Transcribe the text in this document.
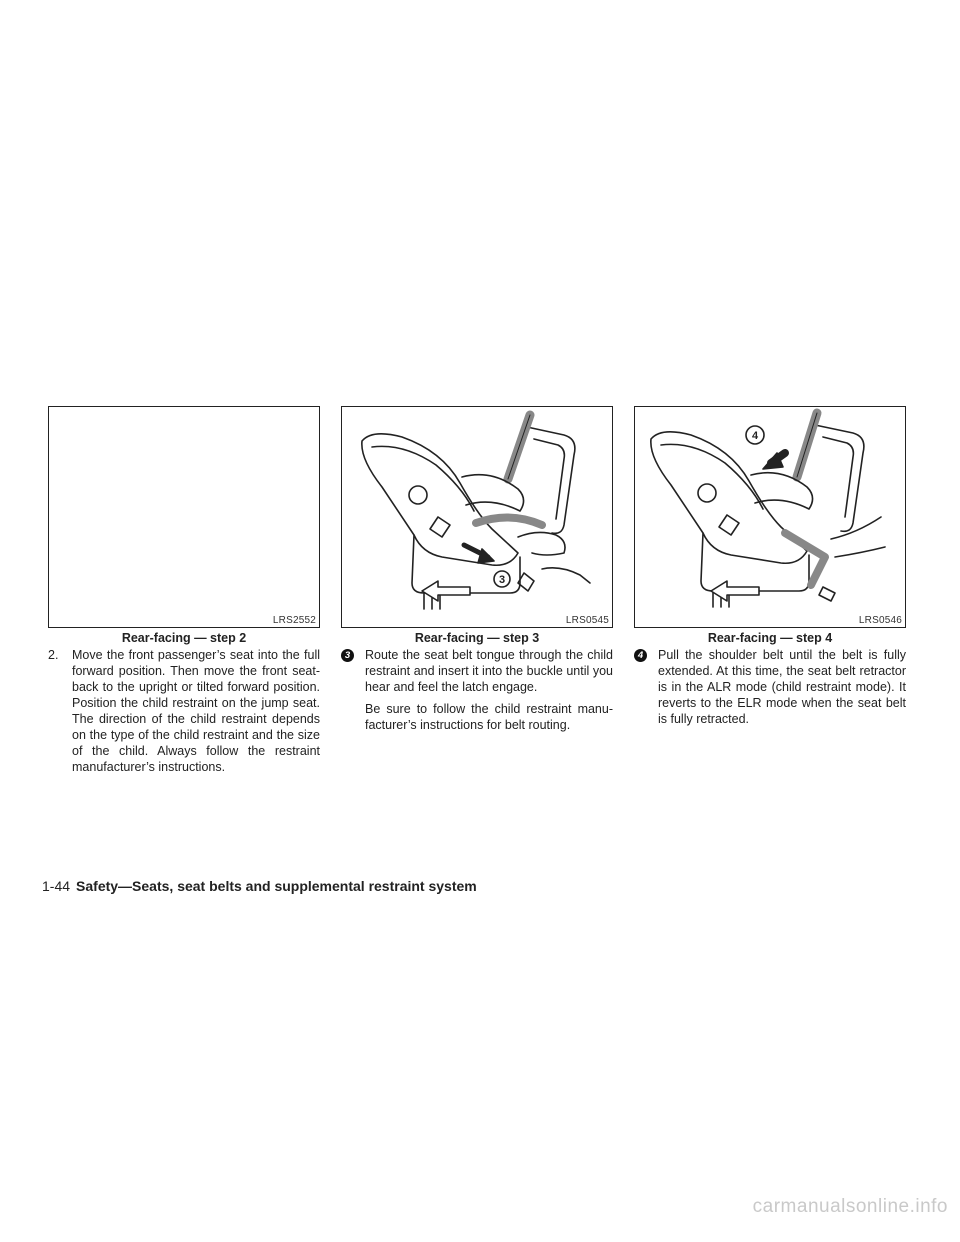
LRS2552
Rear-facing — step 2

2. Move the front passenger’s seat into the full forward position. Then move the front seat-back to the upright or tilted forward position. Position the child restraint on the jump seat. The direction of the child restraint depends on the type of the child restraint and the size of the child. Always follow the restraint manufacturer’s instructions.

3
LRS0545
Rear-facing — step 3

3 Route the seat belt tongue through the child restraint and insert it into the buckle until you hear and feel the latch engage.

Be sure to follow the child restraint manu-facturer’s instructions for belt routing.

4
LRS0546
Rear-facing — step 4

4 Pull the shoulder belt until the belt is fully extended. At this time, the seat belt retractor is in the ALR mode (child restraint mode). It reverts to the ELR mode when the seat belt is fully retracted.

1-44 Safety—Seats, seat belts and supplemental restraint system
carmanualsonline.info
